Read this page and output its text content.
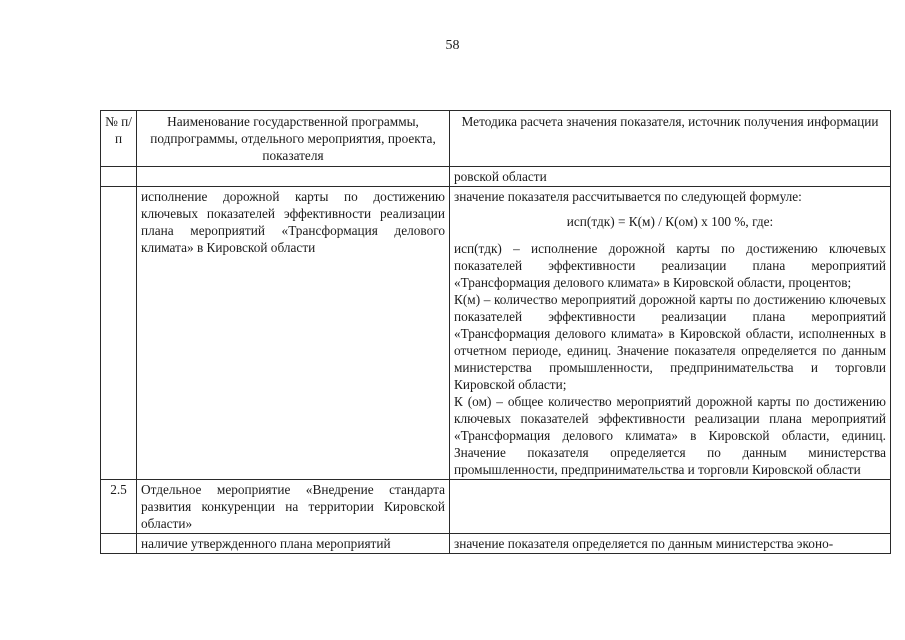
58
№ п/п	Наименование государственной программы, подпрограммы, отдельного мероприятия, проекта, показателя	Методика расчета значения показателя, источник получения информации
		ровской области
	исполнение дорожной карты по достижению ключевых показателей эффективности реализации плана мероприятий «Трансформация делового климата» в Кировской области	значение показателя рассчитывается по следующей формуле:

исп(тдк) = К(м) / К(ом) х 100 %, где:

исп(тдк) – исполнение дорожной карты по достижению ключевых показателей эффективности реализации плана мероприятий «Трансформация делового климата» в Кировской области, процентов;

К(м) – количество мероприятий дорожной карты по достижению ключевых показателей эффективности реализации плана мероприятий «Трансформация делового климата» в Кировской области, исполненных в отчетном периоде, единиц. Значение показателя определяется по данным министерства промышленности, предпринимательства и торговли Кировской области;

К (ом) – общее количество мероприятий дорожной карты по достижению ключевых показателей эффективности реализации плана мероприятий «Трансформация делового климата» в Кировской области, единиц. Значение показателя определяется по данным министерства промышленности, предпринимательства и торговли Кировской области

2.5	Отдельное мероприятие «Внедрение стандарта развития конкуренции на территории Кировской области»	
	наличие утвержденного плана мероприятий	значение показателя определяется по данным министерства эконо-
